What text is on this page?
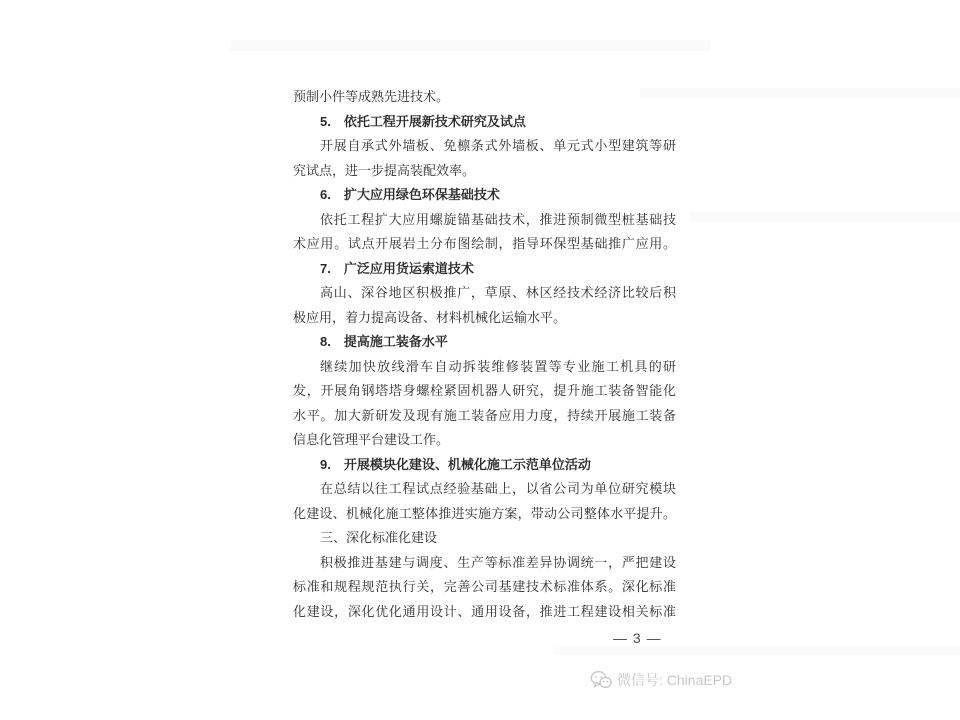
预制小件等成熟先进技术。

5.　依托工程开展新技术研究及试点

开展自承式外墙板、免檩条式外墙板、单元式小型建筑等研

究试点，进一步提高装配效率。

6.　扩大应用绿色环保基础技术

依托工程扩大应用螺旋锚基础技术，推进预制微型桩基础技

术应用。试点开展岩土分布图绘制，指导环保型基础推广应用。

7.　广泛应用货运索道技术

高山、深谷地区积极推广，草原、林区经技术经济比较后积

极应用，着力提高设备、材料机械化运输水平。

8.　提高施工装备水平

继续加快放线滑车自动拆装维修装置等专业施工机具的研

发，开展角钢塔塔身螺栓紧固机器人研究，提升施工装备智能化

水平。加大新研发及现有施工装备应用力度，持续开展施工装备

信息化管理平台建设工作。

9.　开展模块化建设、机械化施工示范单位活动

在总结以往工程试点经验基础上，以省公司为单位研究模块

化建设、机械化施工整体推进实施方案，带动公司整体水平提升。

三、深化标准化建设

积极推进基建与调度、生产等标准差异协调统一，严把建设

标准和规程规范执行关，完善公司基建技术标准体系。深化标准

化建设，深化优化通用设计、通用设备，推进工程建设相关标准

— 3 —
微信号: ChinaEPD
